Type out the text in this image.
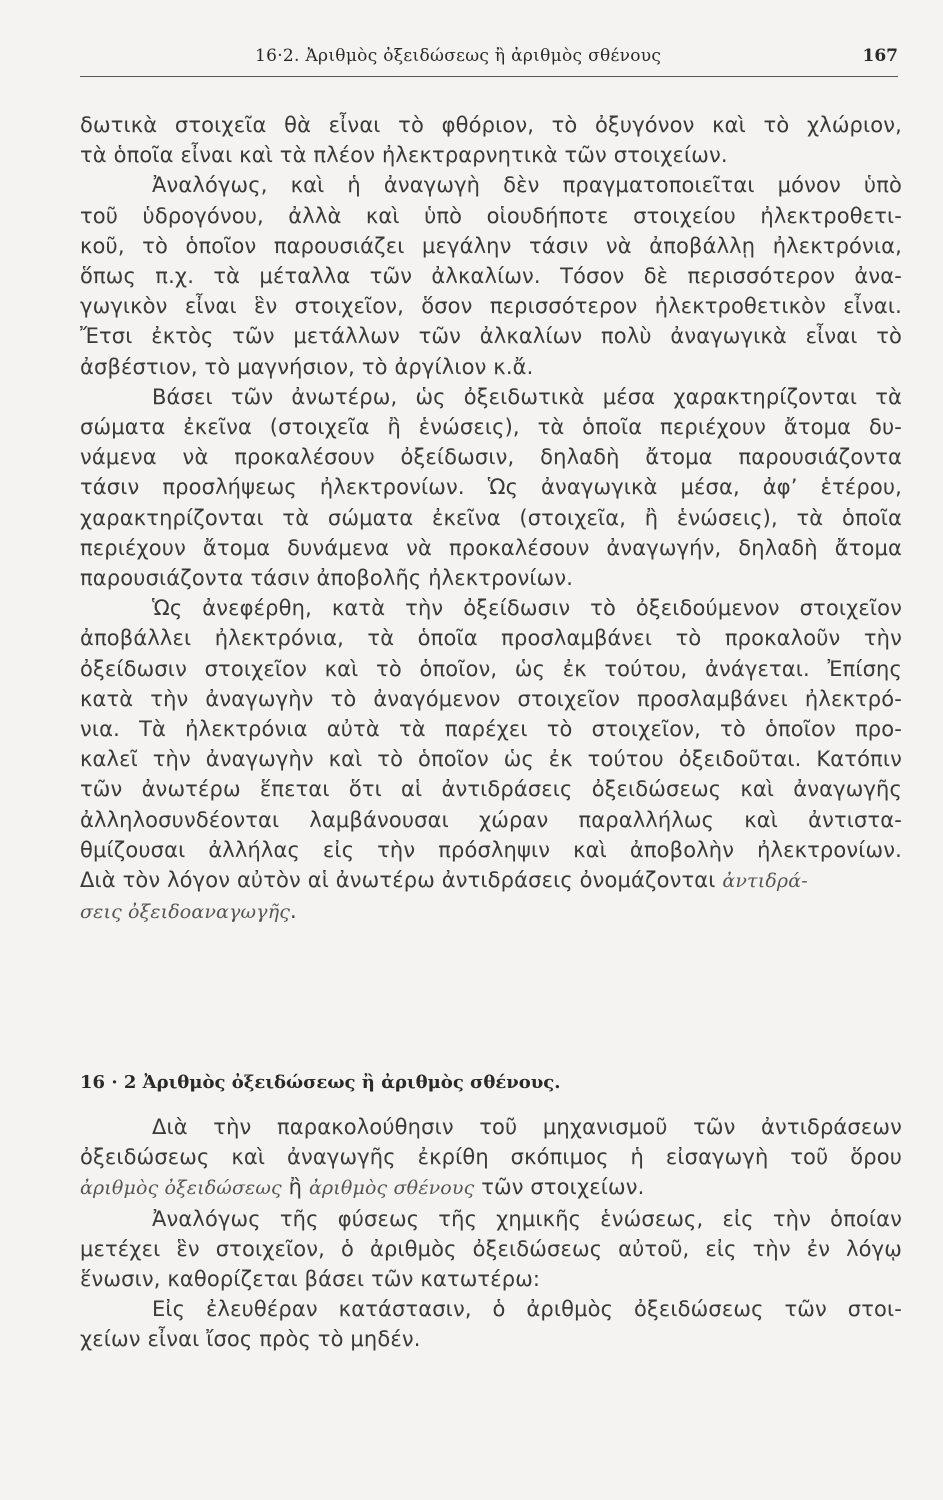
16·2. Ἀριθμὸς ὀξειδώσεως ἢ ἀριθμὸς σθένους	167
δωτικὰ στοιχεῖα θὰ εἶναι τὸ φθόριον, τὸ ὀξυγόνον καὶ τὸ χλώριον,
τὰ ὁποῖα εἶναι καὶ τὰ πλέον ἠλεκτραρνητικὰ τῶν στοιχείων.
Ἀναλόγως, καὶ ἡ ἀναγωγὴ δὲν πραγματοποιεῖται μόνον ὑπὸ
τοῦ ὑδρογόνου, ἀλλὰ καὶ ὑπὸ οἱουδήποτε στοιχείου ἠλεκτροθετι-
κοῦ, τὸ ὁποῖον παρουσιάζει μεγάλην τάσιν νὰ ἀποβάλλῃ ἠλεκτρόνια,
ὅπως π.χ. τὰ μέταλλα τῶν ἀλκαλίων. Τόσον δὲ περισσότερον ἀνα-
γωγικὸν εἶναι ἓν στοιχεῖον, ὅσον περισσότερον ἠλεκτροθετικὸν εἶναι.
Ἔτσι ἐκτὸς τῶν μετάλλων τῶν ἀλκαλίων πολὺ ἀναγωγικὰ εἶναι τὸ
ἀσβέστιον, τὸ μαγνήσιον, τὸ ἀργίλιον κ.ἄ.
Βάσει τῶν ἀνωτέρω, ὡς ὀξειδωτικὰ μέσα χαρακτηρίζονται τὰ
σώματα ἐκεῖνα (στοιχεῖα ἢ ἑνώσεις), τὰ ὁποῖα περιέχουν ἄτομα δυ-
νάμενα νὰ προκαλέσουν ὀξείδωσιν, δηλαδὴ ἄτομα παρουσιάζοντα
τάσιν προσλήψεως ἠλεκτρονίων. Ὡς ἀναγωγικὰ μέσα, ἀφ’ ἑτέρου,
χαρακτηρίζονται τὰ σώματα ἐκεῖνα (στοιχεῖα, ἢ ἑνώσεις), τὰ ὁποῖα
περιέχουν ἄτομα δυνάμενα νὰ προκαλέσουν ἀναγωγήν, δηλαδὴ ἄτομα
παρουσιάζοντα τάσιν ἀποβολῆς ἠλεκτρονίων.
Ὡς ἀνεφέρθη, κατὰ τὴν ὀξείδωσιν τὸ ὀξειδούμενον στοιχεῖον
ἀποβάλλει ἠλεκτρόνια, τὰ ὁποῖα προσλαμβάνει τὸ προκαλοῦν τὴν
ὀξείδωσιν στοιχεῖον καὶ τὸ ὁποῖον, ὡς ἐκ τούτου, ἀνάγεται. Ἐπίσης
κατὰ τὴν ἀναγωγὴν τὸ ἀναγόμενον στοιχεῖον προσλαμβάνει ἠλεκτρό-
νια. Τὰ ἠλεκτρόνια αὐτὰ τὰ παρέχει τὸ στοιχεῖον, τὸ ὁποῖον προ-
καλεῖ τὴν ἀναγωγὴν καὶ τὸ ὁποῖον ὡς ἐκ τούτου ὀξειδοῦται. Κατόπιν
τῶν ἀνωτέρω ἕπεται ὅτι αἱ ἀντιδράσεις ὀξειδώσεως καὶ ἀναγωγῆς
ἀλληλοσυνδέονται λαμβάνουσαι χώραν παραλλήλως καὶ ἀντιστα-
θμίζουσαι ἀλλήλας εἰς τὴν πρόσληψιν καὶ ἀποβολὴν ἠλεκτρονίων.
Διὰ τὸν λόγον αὐτὸν αἱ ἀνωτέρω ἀντιδράσεις ὀνομάζονται ἀντιδρά-
σεις ὀξειδοαναγωγῆς.
16 · 2 Ἀριθμὸς ὀξειδώσεως ἢ ἀριθμὸς σθένους.
Διὰ τὴν παρακολούθησιν τοῦ μηχανισμοῦ τῶν ἀντιδράσεων
ὀξειδώσεως καὶ ἀναγωγῆς ἐκρίθη σκόπιμος ἡ εἰσαγωγὴ τοῦ ὅρου
ἀριθμὸς ὀξειδώσεως ἢ ἀριθμὸς σθένους τῶν στοιχείων.
Ἀναλόγως τῆς φύσεως τῆς χημικῆς ἑνώσεως, εἰς τὴν ὁποίαν
μετέχει ἓν στοιχεῖον, ὁ ἀριθμὸς ὀξειδώσεως αὐτοῦ, εἰς τὴν ἐν λόγῳ
ἕνωσιν, καθορίζεται βάσει τῶν κατωτέρω:
Εἰς ἐλευθέραν κατάστασιν, ὁ ἀριθμὸς ὀξειδώσεως τῶν στοι-
χείων εἶναι ἴσος πρὸς τὸ μηδέν.
